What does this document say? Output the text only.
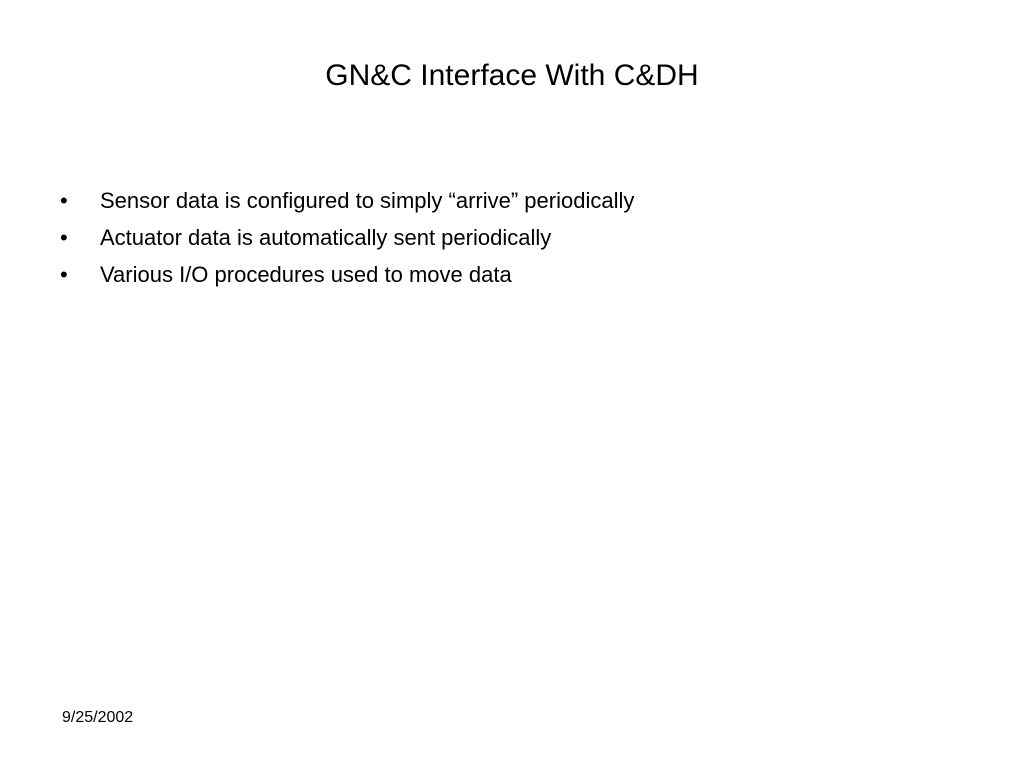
GN&C Interface With C&DH
•	Sensor data is configured to simply “arrive” periodically
•	Actuator data is automatically sent periodically
•	Various I/O procedures used to move data
9/25/2002
